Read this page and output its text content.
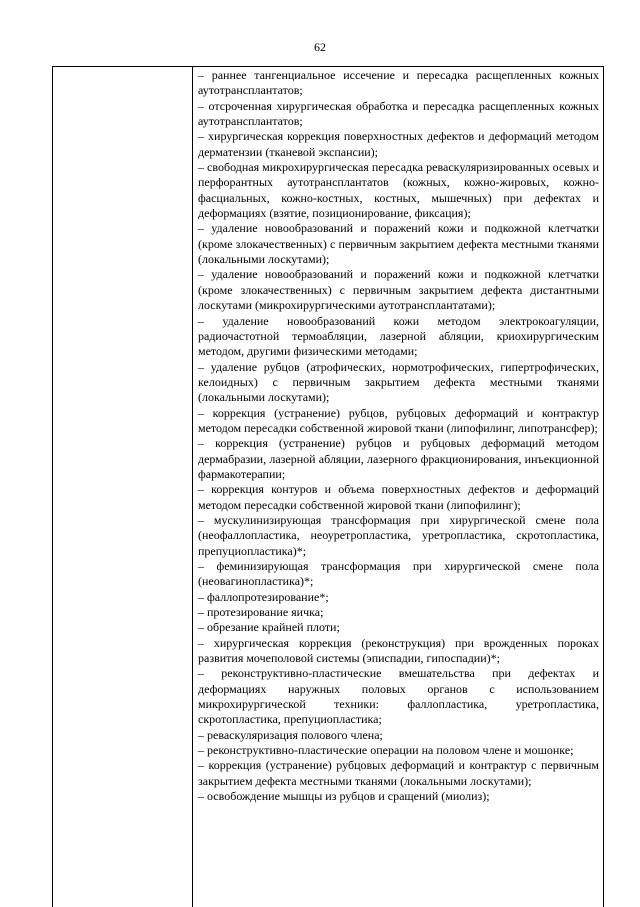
62

– раннее тангенциальное иссечение и пересадка расщепленных кожных аутотрансплантатов;

– отсроченная хирургическая обработка и пересадка расщепленных кожных аутотрансплантатов;

– хирургическая коррекция поверхностных дефектов и деформаций методом дерматензии (тканевой экспансии);

– свободная микрохирургическая пересадка реваскуляризированных осевых и перфорантных аутотрансплантатов (кожных, кожно-жировых, кожно-фасциальных, кожно-костных, костных, мышечных) при дефектах и деформациях (взятие, позиционирование, фиксация);

– удаление новообразований и поражений кожи и подкожной клетчатки (кроме злокачественных) с первичным закрытием дефекта местными тканями (локальными лоскутами);

– удаление новообразований и поражений кожи и подкожной клетчатки (кроме злокачественных) с первичным закрытием дефекта дистантными лоскутами (микрохирургическими аутотрансплантатами);

– удаление новообразований кожи методом электрокоагуляции, радиочастотной термоабляции, лазерной абляции, криохирургическим методом, другими физическими методами;

– удаление рубцов (атрофических, нормотрофических, гипертрофических, келоидных) с первичным закрытием дефекта местными тканями (локальными лоскутами);

– коррекция (устранение) рубцов, рубцовых деформаций и контрактур методом пересадки собственной жировой ткани (липофилинг, липотрансфер);

– коррекция (устранение) рубцов и рубцовых деформаций методом дермабразии, лазерной абляции, лазерного фракционирования, инъекционной фармакотерапии;

– коррекция контуров и объема поверхностных дефектов и деформаций методом пересадки собственной жировой ткани (липофилинг);

– мускулинизирующая трансформация при хирургической смене пола (неофаллопластика, неоуретропластика, уретропластика, скротопластика, препуциопластика)*;

– феминизирующая трансформация при хирургической смене пола (неовагинопластика)*;

– фаллопротезирование*;

– протезирование яичка;

– обрезание крайней плоти;

– хирургическая коррекция (реконструкция) при врожденных пороках развития мочеполовой системы (эписпадии, гипоспадии)*;

– реконструктивно-пластические вмешательства при дефектах и деформациях наружных половых органов с использованием микрохирургической техники: фаллопластика, уретропластика, скротопластика, препуциопластика;

– реваскуляризация полового члена;

– реконструктивно-пластические операции на половом члене и мошонке;

– коррекция (устранение) рубцовых деформаций и контрактур с первичным закрытием дефекта местными тканями (локальными лоскутами);

– освобождение мышцы из рубцов и сращений (миолиз);
